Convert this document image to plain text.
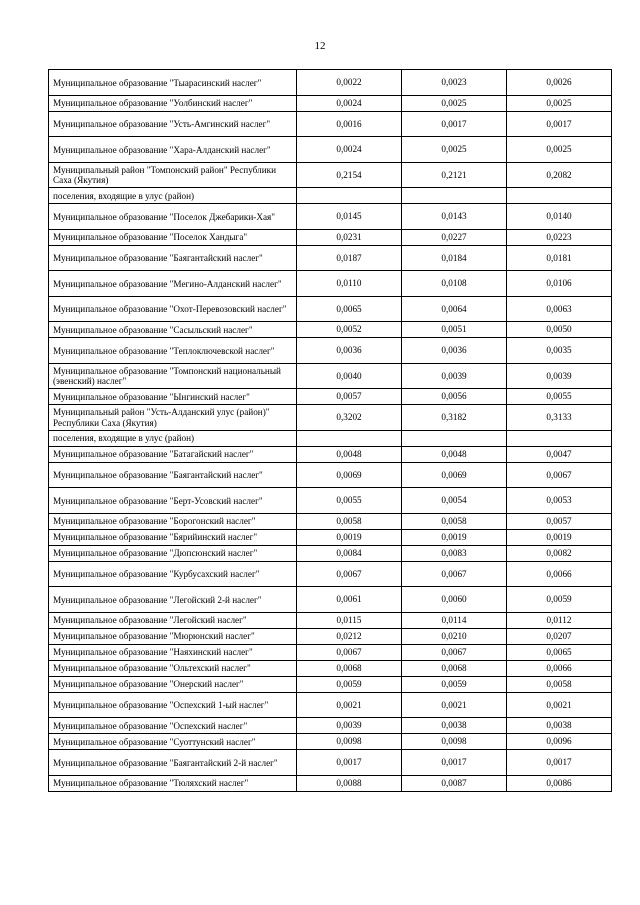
12
Муниципальное образование "Тыарасинский наслег"	0,0022	0,0023	0,0026
Муниципальное образование "Уолбинский наслег"	0,0024	0,0025	0,0025
Муниципальное образование "Усть-Амгинский наслег"	0,0016	0,0017	0,0017
Муниципальное образование "Хара-Алданский наслег"	0,0024	0,0025	0,0025
Муниципальный район "Томпонский район" Республики Саха (Якутия)	0,2154	0,2121	0,2082
поселения, входящие в улус (район)			
Муниципальное образование "Поселок Джебарики-Хая"	0,0145	0,0143	0,0140
Муниципальное образование "Поселок Хандыга"	0,0231	0,0227	0,0223
Муниципальное образование "Баягантайский наслег"	0,0187	0,0184	0,0181
Муниципальное образование "Мегино-Алданский наслег"	0,0110	0,0108	0,0106
Муниципальное образование "Охот-Перевозовский наслег"	0,0065	0,0064	0,0063
Муниципальное образование "Сасыльский наслег"	0,0052	0,0051	0,0050
Муниципальное образование "Теплоключевской наслег"	0,0036	0,0036	0,0035
Муниципальное образование "Томпонский национальный (эвенский) наслег"	0,0040	0,0039	0,0039
Муниципальное образование "Ынгинский наслег"	0,0057	0,0056	0,0055
Муниципальный район "Усть-Алданский улус (район)" Республики Саха (Якутия)	0,3202	0,3182	0,3133
поселения, входящие в улус (район)			
Муниципальное образование "Батагайский наслег"	0,0048	0,0048	0,0047
Муниципальное образование "Баягантайский наслег"	0,0069	0,0069	0,0067
Муниципальное образование "Берт-Усовский наслег"	0,0055	0,0054	0,0053
Муниципальное образование "Борогонский наслег"	0,0058	0,0058	0,0057
Муниципальное образование "Бярийинский наслег"	0,0019	0,0019	0,0019
Муниципальное образование "Дюпсюнский наслег"	0,0084	0,0083	0,0082
Муниципальное образование "Курбусахский наслег"	0,0067	0,0067	0,0066
Муниципальное образование "Легойский 2-й наслег"	0,0061	0,0060	0,0059
Муниципальное образование "Легойский наслег"	0,0115	0,0114	0,0112
Муниципальное образование "Мюрюнский наслег"	0,0212	0,0210	0,0207
Муниципальное образование "Наяхинский наслег"	0,0067	0,0067	0,0065
Муниципальное образование "Ольтехский наслег"	0,0068	0,0068	0,0066
Муниципальное образование "Онерский наслег"	0,0059	0,0059	0,0058
Муниципальное образование "Оспехский 1-ый наслег"	0,0021	0,0021	0,0021
Муниципальное образование "Оспехский наслег"	0,0039	0,0038	0,0038
Муниципальное образование "Суоттунский наслег"	0,0098	0,0098	0,0096
Муниципальное образование "Баягантайский 2-й наслег"	0,0017	0,0017	0,0017
Муниципальное образование "Тюляхский наслег"	0,0088	0,0087	0,0086
